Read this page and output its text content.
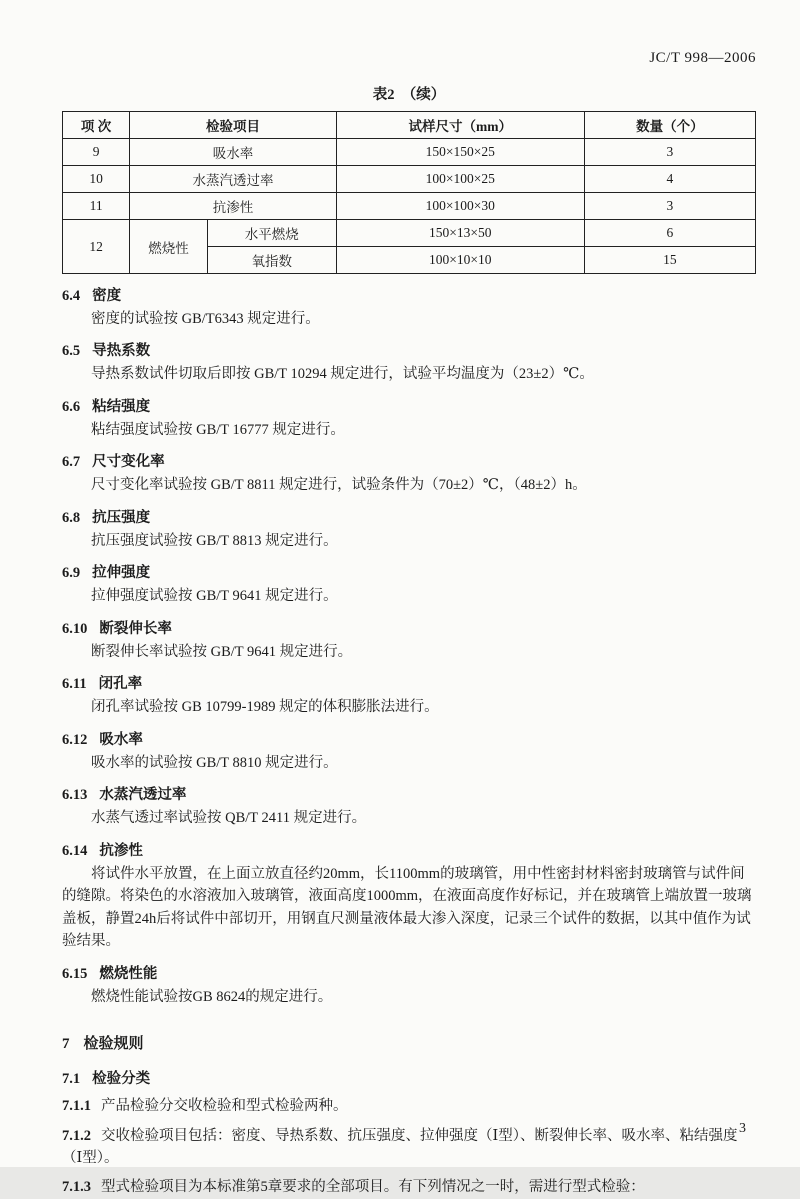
JC/T 998—2006
表2　（续）
项 次	检验项目		试样尺寸（mm）	数量（个）
9	吸水率		150×150×25	3
10	水蒸汽透过率		100×100×25	4
11	抗渗性		100×100×30	3
12	燃烧性	水平燃烧	150×13×50	6
		氧指数	100×10×10	15
6.4 密度

密度的试验按 GB/T6343 规定进行。

6.5 导热系数

导热系数试件切取后即按 GB/T 10294 规定进行，试验平均温度为（23±2）℃。

6.6 粘结强度

粘结强度试验按 GB/T 16777 规定进行。

6.7 尺寸变化率

尺寸变化率试验按 GB/T 8811 规定进行，试验条件为（70±2）℃，（48±2）h。

6.8 抗压强度

抗压强度试验按 GB/T 8813 规定进行。

6.9 拉伸强度

拉伸强度试验按 GB/T 9641 规定进行。

6.10 断裂伸长率

断裂伸长率试验按 GB/T 9641 规定进行。

6.11 闭孔率

闭孔率试验按 GB 10799-1989 规定的体积膨胀法进行。

6.12 吸水率

吸水率的试验按 GB/T 8810 规定进行。

6.13 水蒸汽透过率

水蒸气透过率试验按 QB/T 2411 规定进行。

6.14 抗渗性

将试件水平放置，在上面立放直径约20mm，长1100mm的玻璃管，用中性密封材料密封玻璃管与试件间的缝隙。将染色的水溶液加入玻璃管，液面高度1000mm，在液面高度作好标记，并在玻璃管上端放置一玻璃盖板，静置24h后将试件中部切开，用钢直尺测量液体最大渗入深度，记录三个试件的数据，以其中值作为试验结果。

6.15 燃烧性能

燃烧性能试验按GB 8624的规定进行。

7 检验规则
7.1 检验分类

7.1.1 产品检验分交收检验和型式检验两种。

7.1.2 交收检验项目包括：密度、导热系数、抗压强度、拉伸强度（Ⅰ型）、断裂伸长率、吸水率、粘结强度（Ⅰ型）。

7.1.3 型式检验项目为本标准第5章要求的全部项目。有下列情况之一时，需进行型式检验：

3
